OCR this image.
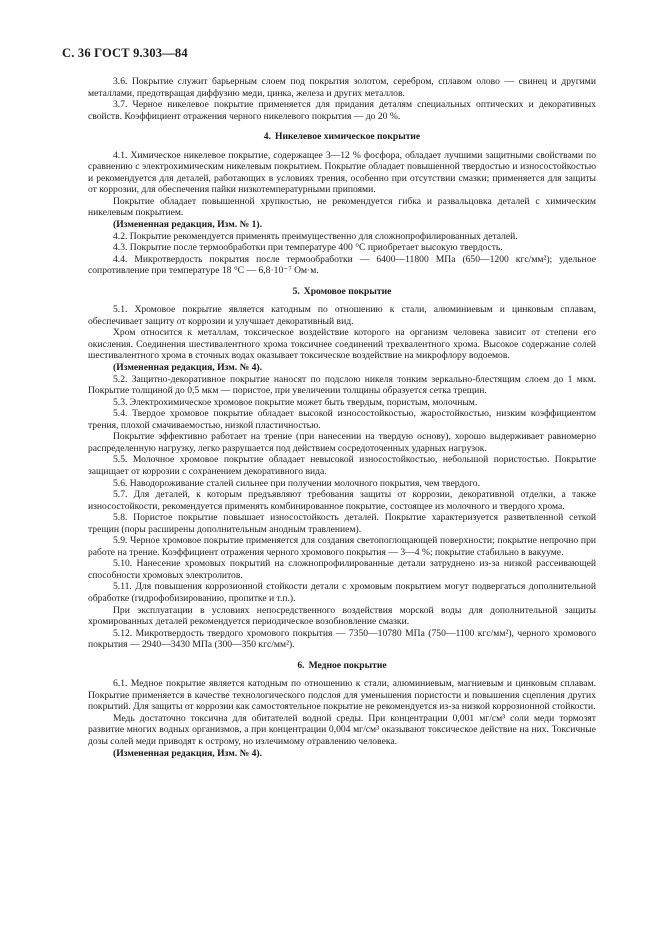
С. 36 ГОСТ 9.303—84

3.6. Покрытие служит барьерным слоем под покрытия золотом, серебром, сплавом олово — свинец и другими металлами, предотвращая диффузию меди, цинка, железа и других металлов.

3.7. Черное никелевое покрытие применяется для придания деталям специальных оптических и декоративных свойств. Коэффициент отражения черного никелевого покрытия — до 20 %.

4. Никелевое химическое покрытие

4.1. Химическое никелевое покрытие, содержащее 3—12 % фосфора, обладает лучшими защитными свойствами по сравнению с электрохимическим никелевым покрытием. Покрытие обладает повышенной твердостью и износостойкостью и рекомендуется для деталей, работающих в условиях трения, особенно при отсутствии смазки; применяется для защиты от коррозии, для обеспечения пайки низкотемпературными припоями.

Покрытие обладает повышенной хрупкостью, не рекомендуется гибка и развальцовка деталей с химическим никелевым покрытием.

(Измененная редакция, Изм. № 1).

4.2. Покрытие рекомендуется применять преимущественно для сложнопрофилированных деталей.

4.3. Покрытие после термообработки при температуре 400 °С приобретает высокую твердость.

4.4. Микротвердость покрытия после термообработки — 6400—11800 МПа (650—1200 кгс/мм²); удельное сопротивление при температуре 18 °С — 6,8·10⁻⁷ Ом·м.

5. Хромовое покрытие

5.1. Хромовое покрытие является катодным по отношению к стали, алюминиевым и цинковым сплавам, обеспечивает защиту от коррозии и улучшает декоративный вид.

Хром относится к металлам, токсическое воздействие которого на организм человека зависит от степени его окисления. Соединения шестивалентного хрома токсичнее соединений трехвалентного хрома. Высокое содержание солей шестивалентного хрома в сточных водах оказывает токсическое воздействие на микрофлору водоемов.

(Измененная редакция, Изм. № 4).

5.2. Защитно-декоративное покрытие наносят по подслою никеля тонким зеркально-блестящим слоем до 1 мкм. Покрытие толщиной до 0,5 мкм — пористое, при увеличении толщины образуется сетка трещин.

5.3. Электрохимическое хромовое покрытие может быть твердым, пористым, молочным.

5.4. Твердое хромовое покрытие обладает высокой износостойкостью, жаростойкостью, низким коэффициентом трения, плохой смачиваемостью, низкой пластичностью.

Покрытие эффективно работает на трение (при нанесении на твердую основу), хорошо выдерживает равномерно распределенную нагрузку, легко разрушается под действием сосредоточенных ударных нагрузок.

5.5. Молочное хромовое покрытие обладает невысокой износостойкостью, небольшой пористостью. Покрытие защищает от коррозии с сохранением декоративного вида.

5.6. Наводороживание сталей сильнее при получении молочного покрытия, чем твердого.

5.7. Для деталей, к которым предъявляют требования защиты от коррозии, декоративной отделки, а также износостойкости, рекомендуется применять комбинированное покрытие, состоящее из молочного и твердого хрома.

5.8. Пористое покрытие повышает износостойкость деталей. Покрытие характеризуется разветвленной сеткой трещин (поры расширены дополнительным анодным травлением).

5.9. Черное хромовое покрытие применяется для создания светопоглощающей поверхности; покрытие непрочно при работе на трение. Коэффициент отражения черного хромового покрытия — 3—4 %; покрытие стабильно в вакууме.

5.10. Нанесение хромовых покрытий на сложнопрофилированные детали затруднено из-за низкой рассеивающей способности хромовых электролитов.

5.11. Для повышения коррозионной стойкости детали с хромовым покрытием могут подвергаться дополнительной обработке (гидрофобизированию, пропитке и т.п.).

При эксплуатации в условиях непосредственного воздействия морской воды для дополнительной защиты хромированных деталей рекомендуется периодическое возобновление смазки.

5.12. Микротвердость твердого хромового покрытия — 7350—10780 МПа (750—1100 кгс/мм²), черного хромового покрытия — 2940—3430 МПа (300—350 кгс/мм²).

6. Медное покрытие

6.1. Медное покрытие является катодным по отношению к стали, алюминиевым, магниевым и цинковым сплавам. Покрытие применяется в качестве технологического подслоя для уменьшения пористости и повышения сцепления других покрытий. Для защиты от коррозии как самостоятельное покрытие не рекомендуется из-за низкой коррозионной стойкости.

Медь достаточно токсична для обитателей водной среды. При концентрации 0,001 мг/см³ соли меди тормозят развитие многих водных организмов, а при концентрации 0,004 мг/см³ оказывают токсическое действие на них. Токсичные дозы солей меди приводят к острому, но излечимому отравлению человека.

(Измененная редакция, Изм. № 4).
